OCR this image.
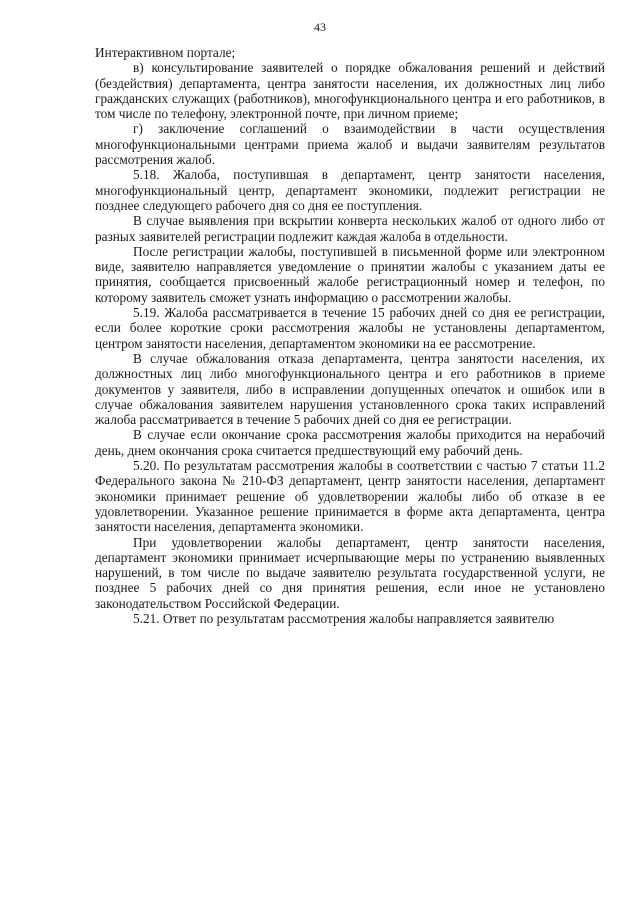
43

Интерактивном портале;

в) консультирование заявителей о порядке обжалования решений и действий (бездействия) департамента, центра занятости населения, их должностных лиц либо гражданских служащих (работников), многофункционального центра и его работников, в том числе по телефону, электронной почте, при личном приеме;

г) заключение соглашений о взаимодействии в части осуществления многофункциональными центрами приема жалоб и выдачи заявителям результатов рассмотрения жалоб.

5.18. Жалоба, поступившая в департамент, центр занятости населения, многофункциональный центр, департамент экономики, подлежит регистрации не позднее следующего рабочего дня со дня ее поступления.

В случае выявления при вскрытии конверта нескольких жалоб от одного либо от разных заявителей регистрации подлежит каждая жалоба в отдельности.

После регистрации жалобы, поступившей в письменной форме или электронном виде, заявителю направляется уведомление о принятии жалобы с указанием даты ее принятия, сообщается присвоенный жалобе регистрационный номер и телефон, по которому заявитель сможет узнать информацию о рассмотрении жалобы.

5.19. Жалоба рассматривается в течение 15 рабочих дней со дня ее регистрации, если более короткие сроки рассмотрения жалобы не установлены департаментом, центром занятости населения, департаментом экономики на ее рассмотрение.

В случае обжалования отказа департамента, центра занятости населения, их должностных лиц либо многофункционального центра и его работников в приеме документов у заявителя, либо в исправлении допущенных опечаток и ошибок или в случае обжалования заявителем нарушения установленного срока таких исправлений жалоба рассматривается в течение 5 рабочих дней со дня ее регистрации.

В случае если окончание срока рассмотрения жалобы приходится на нерабочий день, днем окончания срока считается предшествующий ему рабочий день.

5.20. По результатам рассмотрения жалобы в соответствии с частью 7 статьи 11.2 Федерального закона № 210-ФЗ департамент, центр занятости населения, департамент экономики принимает решение об удовлетворении жалобы либо об отказе в ее удовлетворении. Указанное решение принимается в форме акта департамента, центра занятости населения, департамента экономики.

При удовлетворении жалобы департамент, центр занятости населения, департамент экономики принимает исчерпывающие меры по устранению выявленных нарушений, в том числе по выдаче заявителю результата государственной услуги, не позднее 5 рабочих дней со дня принятия решения, если иное не установлено законодательством Российской Федерации.

5.21. Ответ по результатам рассмотрения жалобы направляется заявителю
